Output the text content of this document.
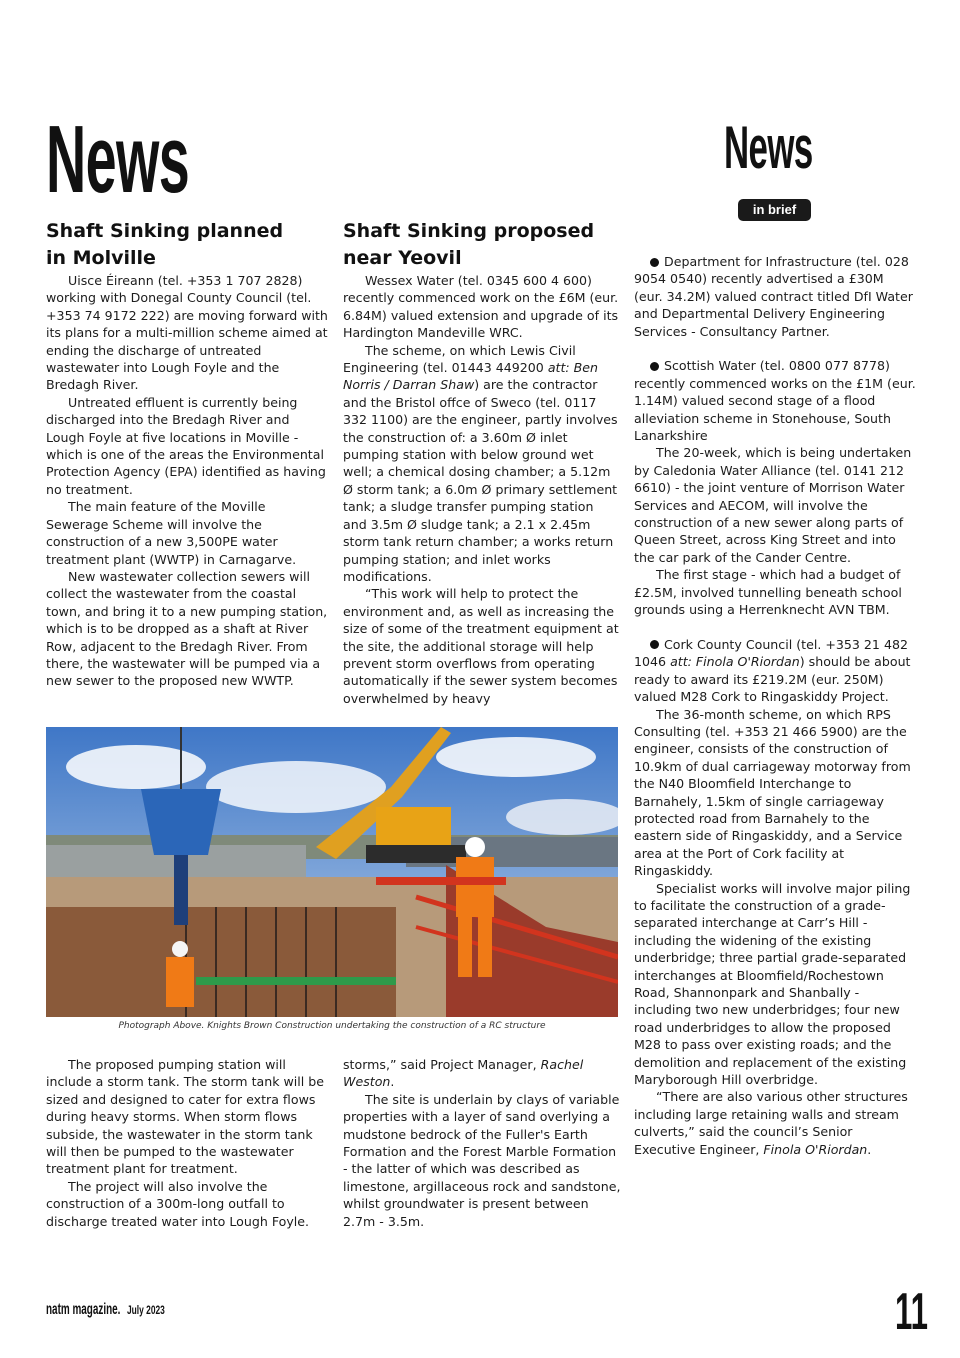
News	News
in brief
Shaft Sinking planned
in Molville

Uisce Éireann (tel. +353 1 707 2828) working with Donegal County Council (tel. +353 74 9172 222) are moving forward with its plans for a multi-million scheme aimed at ending the discharge of untreated wastewater into Lough Foyle and the Bredagh River.

Untreated effluent is currently being discharged into the Bredagh River and Lough Foyle at five locations in Moville - which is one of the areas the Environmental Protection Agency (EPA) identified as having no treatment.

The main feature of the Moville Sewerage Scheme will involve the construction of a new 3,500PE water treatment plant (WWTP) in Carnagarve.

New wastewater collection sewers will collect the wastewater from the coastal town, and bring it to a new pumping station, which is to be dropped as a shaft at River Row, adjacent to the Bredagh River. From there, the wastewater will be pumped via a new sewer to the proposed new WWTP.

Shaft Sinking proposed
near Yeovil

Wessex Water (tel. 0345 600 4 600) recently commenced work on the £6M (eur. 6.84M) valued extension and upgrade of its Hardington Mandeville WRC.

The scheme, on which Lewis Civil Engineering (tel. 01443 449200 att: Ben Norris / Darran Shaw) are the contractor and the Bristol offce of Sweco (tel. 0117 332 1100) are the engineer, partly involves the construction of: a 3.60m Ø inlet pumping station with below ground wet well; a chemical dosing chamber; a 5.12m Ø storm tank; a 6.0m Ø primary settlement tank; a sludge transfer pumping station and 3.5m Ø sludge tank; a 2.1 x 2.45m storm tank return chamber; a works return pumping station; and inlet works modifications.

“This work will help to protect the environment and, as well as increasing the size of some of the treatment equipment at the site, the additional storage will help prevent storm overflows from operating automatically if the sewer system becomes overwhelmed by heavy

Department for Infrastructure (tel. 028 9054 0540) recently advertised a £30M (eur. 34.2M) valued contract titled DfI Water and Departmental Delivery Engineering Services - Consultancy Partner.

Scottish Water (tel. 0800 077 8778) recently commenced works on the £1M (eur. 1.14M) valued second stage of a flood alleviation scheme in Stonehouse, South Lanarkshire

The 20-week, which is being undertaken by Caledonia Water Alliance (tel. 0141 212 6610) - the joint venture of Morrison Water Services and AECOM, will involve the construction of a new sewer along parts of Queen Street, across King Street and into the car park of the Cander Centre.

The first stage - which had a budget of £2.5M, involved tunnelling beneath school grounds using a Herrenknecht AVN TBM.

Cork County Council (tel. +353 21 482 1046 att: Finola O'Riordan) should be about ready to award its £219.2M (eur. 250M) valued M28 Cork to Ringaskiddy Project.

The 36-month scheme, on which RPS Consulting (tel. +353 21 466 5900) are the engineer, consists of the construction of 10.9km of dual carriageway motorway from the N40 Bloomfield Interchange to Barnahely, 1.5km of single carriageway protected road from Barnahely to the eastern side of Ringaskiddy, and a Service area at the Port of Cork facility at Ringaskiddy.

Specialist works will involve major piling to facilitate the construction of a grade-separated interchange at Carr’s Hill - including the widening of the existing underbridge; three partial grade-separated interchanges at Bloomfield/Rochestown Road, Shannonpark and Shanbally - including two new underbridges; four new road underbridges to allow the proposed M28 to pass over existing roads; and the demolition and replacement of the existing Maryborough Hill overbridge.

“There are also various other structures including large retaining walls and stream culverts,” said the council’s Senior Executive Engineer, Finola O'Riordan.

Photograph Above. Knights Brown Construction undertaking the construction of a RC structure

The proposed pumping station will include a storm tank. The storm tank will be sized and designed to cater for extra flows during heavy storms. When storm flows subside, the wastewater in the storm tank will then be pumped to the wastewater treatment plant for treatment.

The project will also involve the construction of a 300m-long outfall to discharge treated water into Lough Foyle.

storms,” said Project Manager, Rachel Weston.

The site is underlain by clays of variable properties with a layer of sand overlying a mudstone bedrock of the Fuller's Earth Formation and the Forest Marble Formation - the latter of which was described as limestone, argillaceous rock and sandstone, whilst groundwater is present between 2.7m - 3.5m.

natm magazine. July 2023	11
